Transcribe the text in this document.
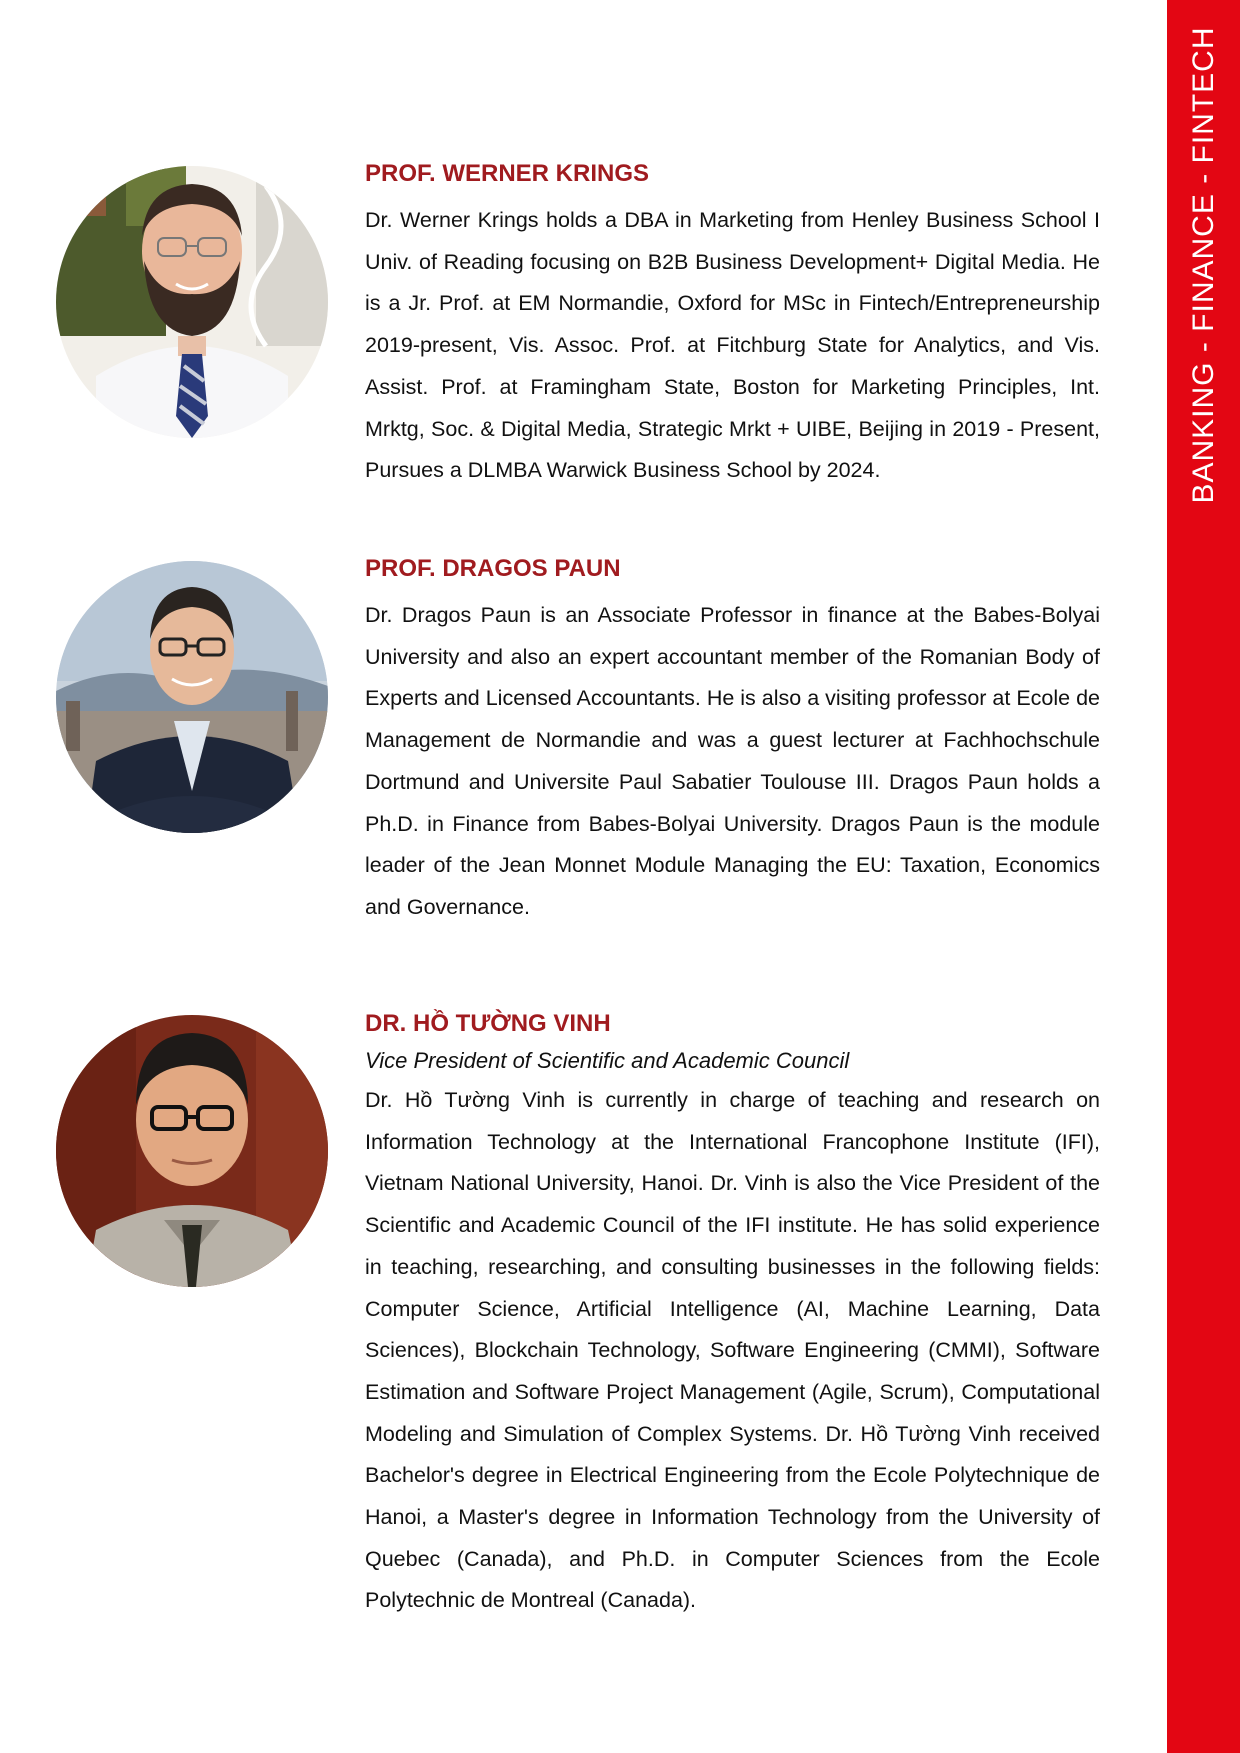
BANKING - FINANCE - FINTECH
PROF. WERNER KRINGS

Dr. Werner Krings holds a DBA in Marketing from Henley Business School I Univ. of Reading focusing on B2B Business Development+ Digital Media. He is a Jr. Prof. at EM Normandie, Oxford for MSc in Fintech/Entrepreneurship 2019-present, Vis. Assoc. Prof. at Fitchburg State for Analytics, and Vis. Assist. Prof. at Framingham State, Boston for Marketing Principles, Int. Mrktg, Soc. & Digital Media, Strategic Mrkt + UIBE, Beijing in 2019 - Present, Pursues a DLMBA Warwick Business School by 2024.

PROF. DRAGOS PAUN

Dr. Dragos Paun is an Associate Professor in finance at the Babes-Bolyai University and also an expert accountant member of the Romanian Body of Experts and Licensed Accountants. He is also a visiting professor at Ecole de Management de Normandie and was a guest lecturer at Fachhochschule Dortmund and Universite Paul Sabatier Toulouse III. Dragos Paun holds a Ph.D. in Finance from Babes-Bolyai University. Dragos Paun is the module leader of the Jean Monnet Module Managing the EU: Taxation, Economics and Governance.

DR. HỒ TƯỜNG VINH

Vice President of Scientific and Academic Council

Dr. Hồ Tường Vinh is currently in charge of teaching and research on Information Technology at the International Francophone Institute (IFI), Vietnam National University, Hanoi. Dr. Vinh is also the Vice President of the Scientific and Academic Council of the IFI institute. He has solid experience in teaching, researching, and consulting businesses in the following fields: Computer Science, Artificial Intelligence (AI, Machine Learning, Data Sciences), Blockchain Technology, Software Engineering (CMMI), Software Estimation and Software Project Management (Agile, Scrum), Computational Modeling and Simulation of Complex Systems. Dr. Hồ Tường Vinh received Bachelor's degree in Electrical Engineering from the Ecole Polytechnique de Hanoi, a Master's degree in Information Technology from the University of Quebec (Canada), and Ph.D. in Computer Sciences from the Ecole Polytechnic de Montreal (Canada).
